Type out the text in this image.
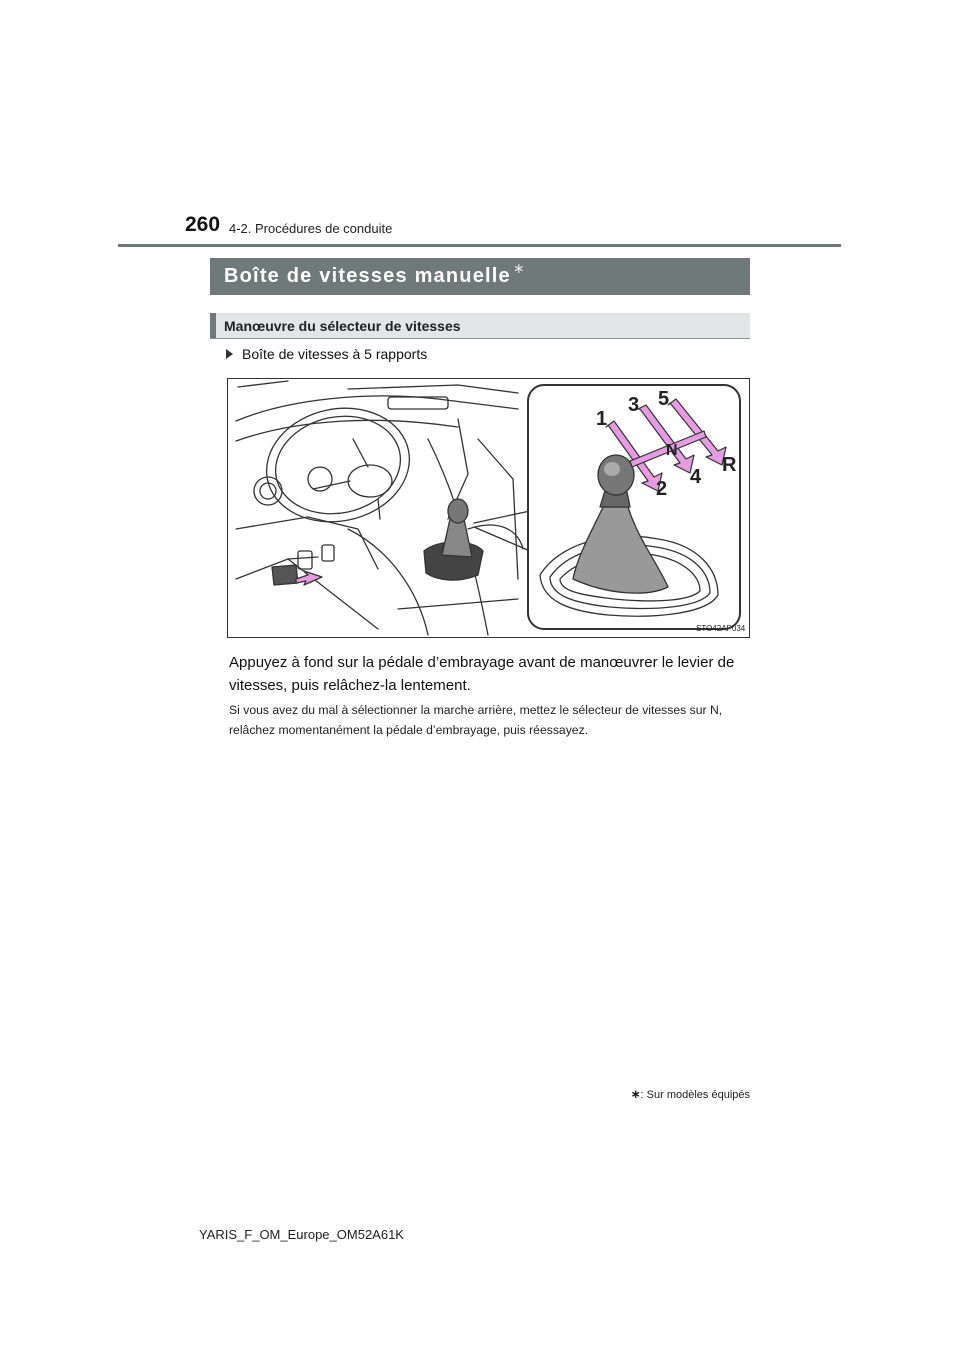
260 4-2. Procédures de conduite
Boîte de vitesses manuelle ∗
Manœuvre du sélecteur de vitesses
Boîte de vitesses à 5 rapports
1
2
3
4
5
N
R
STO42AP034
Appuyez à fond sur la pédale d’embrayage avant de manœuvrer le levier de vitesses, puis relâchez-la lentement.
Si vous avez du mal à sélectionner la marche arrière, mettez le sélecteur de vitesses sur N, relâchez momentanément la pédale d’embrayage, puis réessayez.
∗: Sur modèles équipés
YARIS_F_OM_Europe_OM52A61K
